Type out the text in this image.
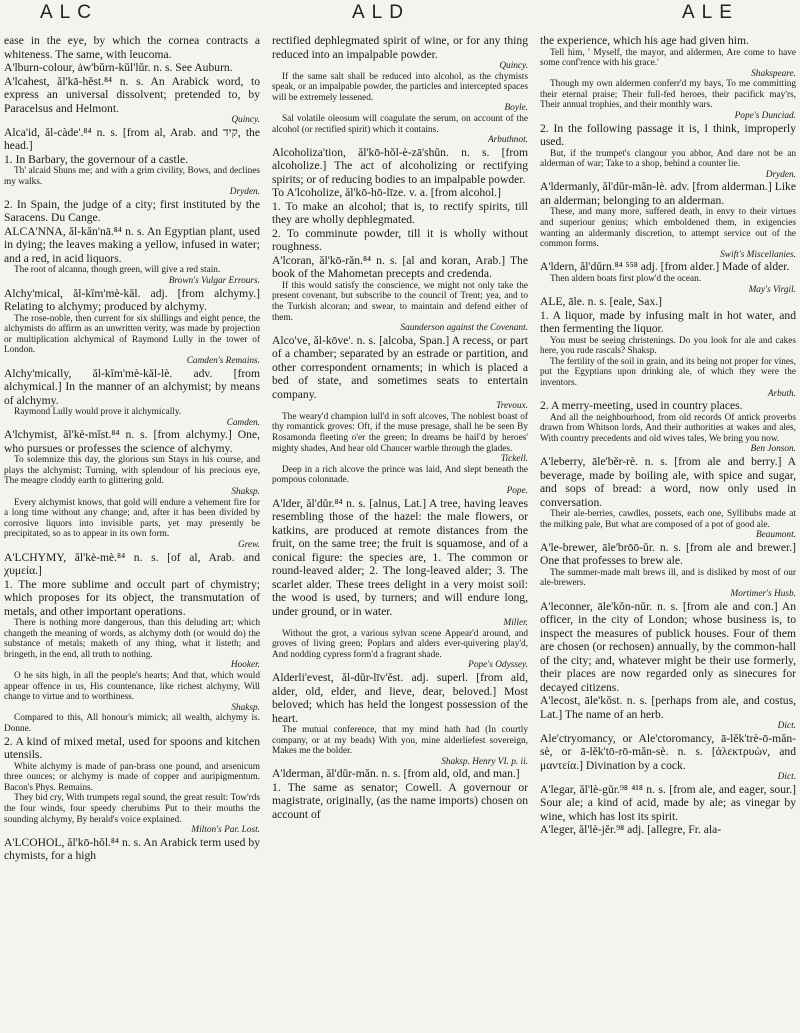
ALC	ALD	ALE

ease in the eye, by which the cornea contracts a whiteness. The same, with leucoma.

A'lburn-colour, ȧw'bŭrn-kŭl'lŭr. n. s. See Auburn.

A'lcahest, ăl'kā-hĕst.⁸⁴ n. s. An Arabick word, to express an universal dissolvent; pretended to, by Paracelsus and Helmont.

Quincy.

Alca'id, ăl-càde'.⁸⁴ n. s. [from al, Arab. and קיד, the head.]

1. In Barbary, the governour of a castle.

Th' alcaid Shuns me; and with a grim civility, Bows, and declines my walks.

Dryden.

2. In Spain, the judge of a city; first instituted by the Saracens. Du Cange.

ALCA'NNA, ăl-kăn'nā.⁸⁴ n. s. An Egyptian plant, used in dying; the leaves making a yellow, infused in water; and a red, in acid liquors.

The root of alcanna, though green, will give a red stain.

Brown's Vulgar Errours.

Alchy'mical, ăl-kĭm'mè-kăl. adj. [from alchymy.] Relating to alchymy; produced by alchymy.

The rose-noble, then current for six shillings and eight pence, the alchymists do affirm as an unwritten verity, was made by projection or multiplication alchymical of Raymond Lully in the tower of London.

Camden's Remains.

Alchy'mically, ăl-kĭm'mè-kăl-lè. adv. [from alchymical.] In the manner of an alchymist; by means of alchymy.

Raymond Lully would prove it alchymically.

Camden.

A'lchymist, ăl'kè-mĭst.⁸⁴ n. s. [from alchymy.] One, who pursues or professes the science of alchymy.

To solemnize this day, the glorious sun Stays in his course, and plays the alchymist; Turning, with splendour of his precious eye, The meagre cloddy earth to glittering gold.

Shaksp.

Every alchymist knows, that gold will endure a vehement fire for a long time without any change; and, after it has been divided by corrosive liquors into invisible parts, yet may presently be precipitated, so as to appear in its own form.

Grew.

A'LCHYMY, ăl'kè-mè.⁸⁴ n. s. [of al, Arab. and χυμεία.]

1. The more sublime and occult part of chymistry; which proposes for its object, the transmutation of metals, and other important operations.

There is nothing more dangerous, than this deluding art; which changeth the meaning of words, as alchymy doth (or would do) the substance of metals; maketh of any thing, what it listeth; and bringeth, in the end, all truth to nothing.

Hooker.

O he sits high, in all the people's hearts; And that, which would appear offence in us, His countenance, like richest alchymy, Will change to virtue and to worthiness.

Shaksp.

Compared to this, All honour's mimick; all wealth, alchymy is. Donne.

2. A kind of mixed metal, used for spoons and kitchen utensils.

White alchymy is made of pan-brass one pound, and arsenicum three ounces; or alchymy is made of copper and auripigmentum. Bacon's Phys. Remains.

They bid cry, With trumpets regal sound, the great result: Tow'rds the four winds, four speedy cherubims Put to their mouths the sounding alchymy, By herald's voice explained.

Milton's Par. Lost.

A'LCOHOL, ăl'kō-hŏl.⁸⁴ n. s. An Arabick term used by chymists, for a high

rectified dephlegmated spirit of wine, or for any thing reduced into an impalpable powder.

Quincy.

If the same salt shall be reduced into alcohol, as the chymists speak, or an impalpable powder, the particles and intercepted spaces will be extremely lessened.

Boyle.

Sal volatile oleosum will coagulate the serum, on account of the alcohol (or rectified spirit) which it contains.

Arbuthnot.

Alcoholiza'tion, ăl'kō-hŏl-è-zā'shŭn. n. s. [from alcoholize.] The act of alcoholizing or rectifying spirits; or of reducing bodies to an impalpable powder.

To A'lcoholize, ăl'kō-hō-līze. v. a. [from alcohol.]

1. To make an alcohol; that is, to rectify spirits, till they are wholly dephlegmated.

2. To comminute powder, till it is wholly without roughness.

A'lcoran, ăl'kō-răn.⁸⁴ n. s. [al and koran, Arab.] The book of the Mahometan precepts and credenda.

If this would satisfy the conscience, we might not only take the present covenant, but subscribe to the council of Trent; yea, and to the Turkish alcoran; and swear, to maintain and defend either of them.

Saunderson against the Covenant.

Alco've, ăl-kōve'. n. s. [alcoba, Span.] A recess, or part of a chamber; separated by an estrade or partition, and other correspondent ornaments; in which is placed a bed of state, and sometimes seats to entertain company.

Trevoux.

The weary'd champion lull'd in soft alcoves, The noblest boast of thy romantick groves: Oft, if the muse presage, shall he be seen By Rosamonda fleeting o'er the green; In dreams be hail'd by heroes' mighty shades, And hear old Chaucer warble through the glades.

Tickell.

Deep in a rich alcove the prince was laid, And slept beneath the pompous colonnade.

Pope.

A'lder, ăl'dŭr.⁸⁴ n. s. [alnus, Lat.] A tree, having leaves resembling those of the hazel: the male flowers, or katkins, are produced at remote distances from the fruit, on the same tree; the fruit is squamose, and of a conical figure: the species are, 1. The common or round-leaved alder; 2. The long-leaved alder; 3. The scarlet alder. These trees delight in a very moist soil: the wood is used, by turners; and will endure long, under ground, or in water.

Miller.

Without the grot, a various sylvan scene Appear'd around, and groves of living green; Poplars and alders ever-quivering play'd, And nodding cypress form'd a fragrant shade.

Pope's Odyssey.

Alderli'evest, ăl-dŭr-līv'ĕst. adj. superl. [from ald, alder, old, elder, and lieve, dear, beloved.] Most beloved; which has held the longest possession of the heart.

The mutual conference, that my mind hath had (In courtly company, or at my beads) With you, mine alderliefest sovereign, Makes me the bolder.

Shaksp. Henry VI. p. ii.

A'lderman, ăl'dŭr-măn. n. s. [from ald, old, and man.]

1. The same as senator; Cowell. A governour or magistrate, originally, (as the name imports) chosen on account of

the experience, which his age had given him.

Tell him, ' Myself, the mayor, and aldermen, Are come to have some conf'rence with his grace.'

Shakspeare.

Though my own aldermen conferr'd my bays, To me committing their eternal praise; Their full-fed heroes, their pacifick may'rs, Their annual trophies, and their monthly wars.

Pope's Dunciad.

2. In the following passage it is, I think, improperly used.

But, if the trumpet's clangour you abhor, And dare not be an alderman of war; Take to a shop, behind a counter lie.

Dryden.

A'ldermanly, ăl'dŭr-măn-lè. adv. [from alderman.] Like an alderman; belonging to an alderman.

These, and many more, suffered death, in envy to their virtues and superiour genius; which emboldened them, in exigencies wanting an aldermanly discretion, to attempt service out of the common forms.

Swift's Miscellanies.

A'ldern, ăl'dŭrn.⁸⁴ ⁵⁵⁸ adj. [from alder.] Made of alder.

Then aldern boats first plow'd the ocean.

May's Virgil.

ALE, āle. n. s. [eale, Sax.]

1. A liquor, made by infusing malt in hot water, and then fermenting the liquor.

You must be seeing christenings. Do you look for ale and cakes here, you rude rascals? Shaksp.

The fertility of the soil in grain, and its being not proper for vines, put the Egyptians upon drinking ale, of which they were the inventors.

Arbuth.

2. A merry-meeting, used in country places.

And all the neighbourhood, from old records Of antick proverbs drawn from Whitson lords, And their authorities at wakes and ales, With country precedents and old wives tales, We bring you now.

Ben Jonson.

A'leberry, āle'bĕr-rè. n. s. [from ale and berry.] A beverage, made by boiling ale, with spice and sugar, and sops of bread: a word, now only used in conversation.

Their ale-berries, cawdles, possets, each one, Syllibubs made at the milking pale, But what are composed of a pot of good ale.

Beaumont.

A'le-brewer, āle'brōō-ŭr. n. s. [from ale and brewer.] One that professes to brew ale.

The summer-made malt brews ill, and is disliked by most of our ale-brewers.

Mortimer's Husb.

A'leconner, āle'kŏn-nŭr. n. s. [from ale and con.] An officer, in the city of London; whose business is, to inspect the measures of publick houses. Four of them are chosen (or rechosen) annually, by the common-hall of the city; and, whatever might be their use formerly, their places are now regarded only as sinecures for decayed citizens.

A'lecost, āle'kŏst. n. s. [perhaps from ale, and costus, Lat.] The name of an herb.

Dict.

Ale'ctryomancy, or Ale'ctoromancy, ā-lĕk'trè-ō-măn-sè, or ā-lĕk'tō-rō-măn-sè. n. s. [ἀλεκτρυὼν, and μαντεία.] Divination by a cock.

Dict.

A'legar, ăl'lè-gŭr.⁹⁸ ⁴¹⁸ n. s. [from ale, and eager, sour.] Sour ale; a kind of acid, made by ale; as vinegar by wine, which has lost its spirit.

A'leger, ăl'lè-jĕr.⁹⁸ adj. [allegre, Fr. ala-
